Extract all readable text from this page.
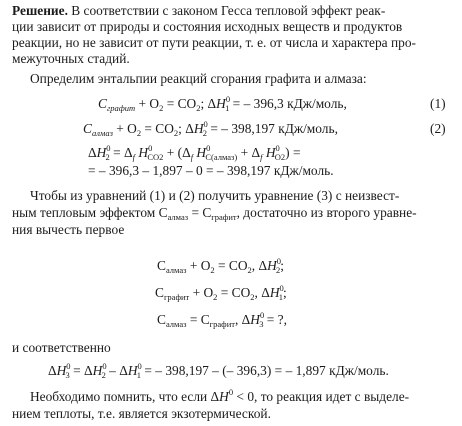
Решение. В соответствии с законом Гесса тепловой эффект реак-
ции зависит от природы и состояния исходных веществ и продуктов
реакции, но не зависит от пути реакции, т. е. от числа и характера про-
межуточных стадий.
Определим энтальпии реакций сгорания графита и алмаза:
$C_{графит} + O_2 = CO_2$; $\Delta H^0_1$ = – 396,3 кДж/моль,	(1)
$C_{алмаз} + O_2 = CO_2$; $\Delta H^0_2$ = – 398,197 кДж/моль,	(2)
$\Delta H^0_2 = \Delta_f$ $H^0_{CO2} + (\Delta_f$ $H^0_{C(алмаз)} + \Delta_f$ $H^0_{O2}$) =
= – 396,3 – 1,897 – 0 = – 398,197 кДж/моль.
Чтобы из уравнений (1) и (2) получить уравнение (3) с неизвест-
ным тепловым эффектом $С_{алмаз} = С_{графит}$, достаточно из второго уравне-
ния вычесть первое
$С_{алмаз} + O_2 = CO_2$, $\Delta H^0_2$;
$С_{графит} + O_2 = CO_2$, $\Delta H^0_1$;
$С_{алмаз} = С_{графит}$, $\Delta H^0_3$ = ?,
и соответственно
$\Delta H^0_3 = \Delta H^0_2 - \Delta H^0_1$ = – 398,197 – (– 396,3) = – 1,897 кДж/моль.
Необходимо помнить, что если $\Delta H^0 < 0$, то реакция идет с выделе-
нием теплоты, т.е. является экзотермической.
